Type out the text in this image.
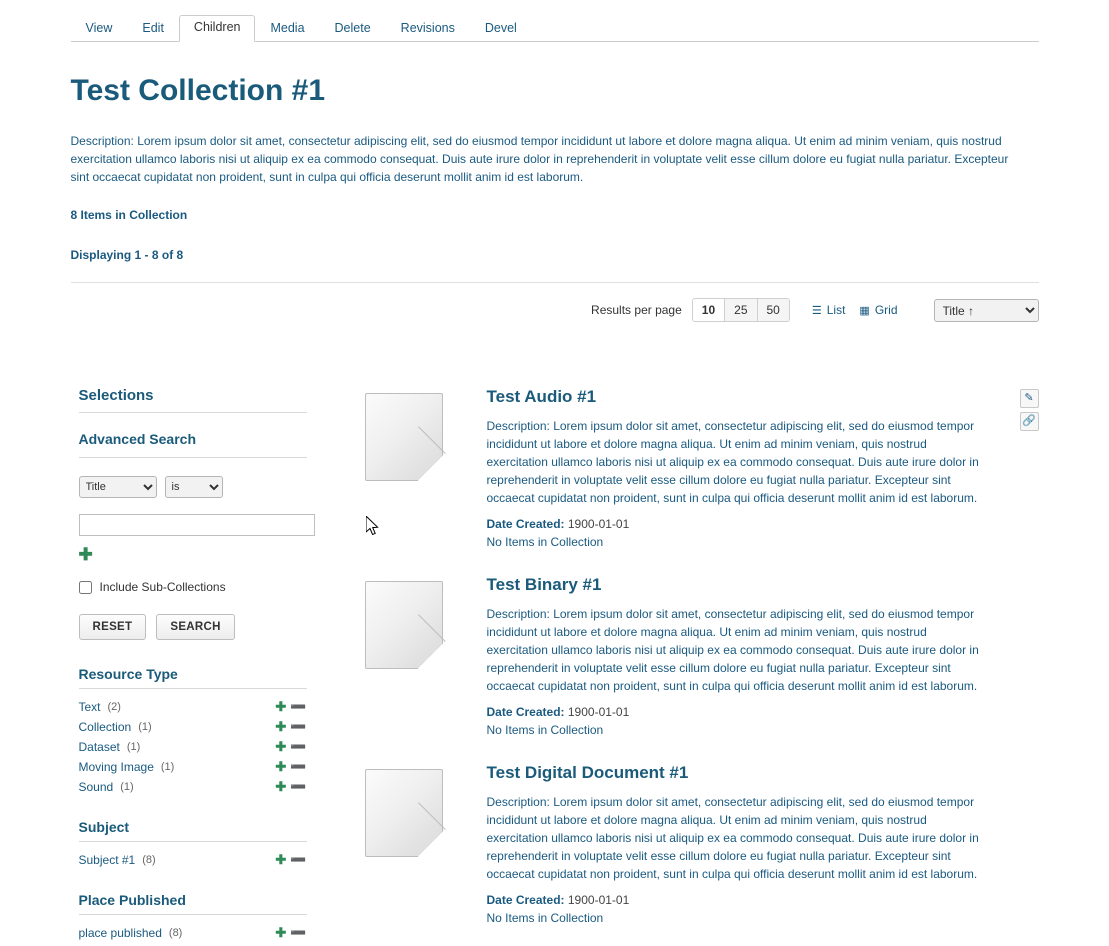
View	Edit	Children	Media	Delete	Revisions	Devel
Test Collection #1
Description: Lorem ipsum dolor sit amet, consectetur adipiscing elit, sed do eiusmod tempor incididunt ut labore et dolore magna aliqua. Ut enim ad minim veniam, quis nostrud exercitation ullamco laboris nisi ut aliquip ex ea commodo consequat. Duis aute irure dolor in reprehenderit in voluptate velit esse cillum dolore eu fugiat nulla pariatur. Excepteur sint occaecat cupidatat non proident, sunt in culpa qui officia deserunt mollit anim id est laborum.
8 Items in Collection
Displaying 1 - 8 of 8
Results per page	10	25	50	☰ List ▦ Grid
Title ↑
Selections
Advanced Search
Title
is
✚
Include Sub-Collections
RESET	SEARCH
Resource Type
Text (2)	✚ ➖
Collection (1)	✚ ➖
Dataset (1)	✚ ➖
Moving Image (1)	✚ ➖
Sound (1)	✚ ➖
Subject
Subject #1 (8)	✚ ➖
Place Published
place published (8)	✚ ➖
Test Audio #1
Description: Lorem ipsum dolor sit amet, consectetur adipiscing elit, sed do eiusmod tempor incididunt ut labore et dolore magna aliqua. Ut enim ad minim veniam, quis nostrud exercitation ullamco laboris nisi ut aliquip ex ea commodo consequat. Duis aute irure dolor in reprehenderit in voluptate velit esse cillum dolore eu fugiat nulla pariatur. Excepteur sint occaecat cupidatat non proident, sunt in culpa qui officia deserunt mollit anim id est laborum.
Date Created: 1900-01-01
No Items in Collection
✎
🔗
Test Binary #1
Description: Lorem ipsum dolor sit amet, consectetur adipiscing elit, sed do eiusmod tempor incididunt ut labore et dolore magna aliqua. Ut enim ad minim veniam, quis nostrud exercitation ullamco laboris nisi ut aliquip ex ea commodo consequat. Duis aute irure dolor in reprehenderit in voluptate velit esse cillum dolore eu fugiat nulla pariatur. Excepteur sint occaecat cupidatat non proident, sunt in culpa qui officia deserunt mollit anim id est laborum.
Date Created: 1900-01-01
No Items in Collection
Test Digital Document #1
Description: Lorem ipsum dolor sit amet, consectetur adipiscing elit, sed do eiusmod tempor incididunt ut labore et dolore magna aliqua. Ut enim ad minim veniam, quis nostrud exercitation ullamco laboris nisi ut aliquip ex ea commodo consequat. Duis aute irure dolor in reprehenderit in voluptate velit esse cillum dolore eu fugiat nulla pariatur. Excepteur sint occaecat cupidatat non proident, sunt in culpa qui officia deserunt mollit anim id est laborum.
Date Created: 1900-01-01
No Items in Collection
